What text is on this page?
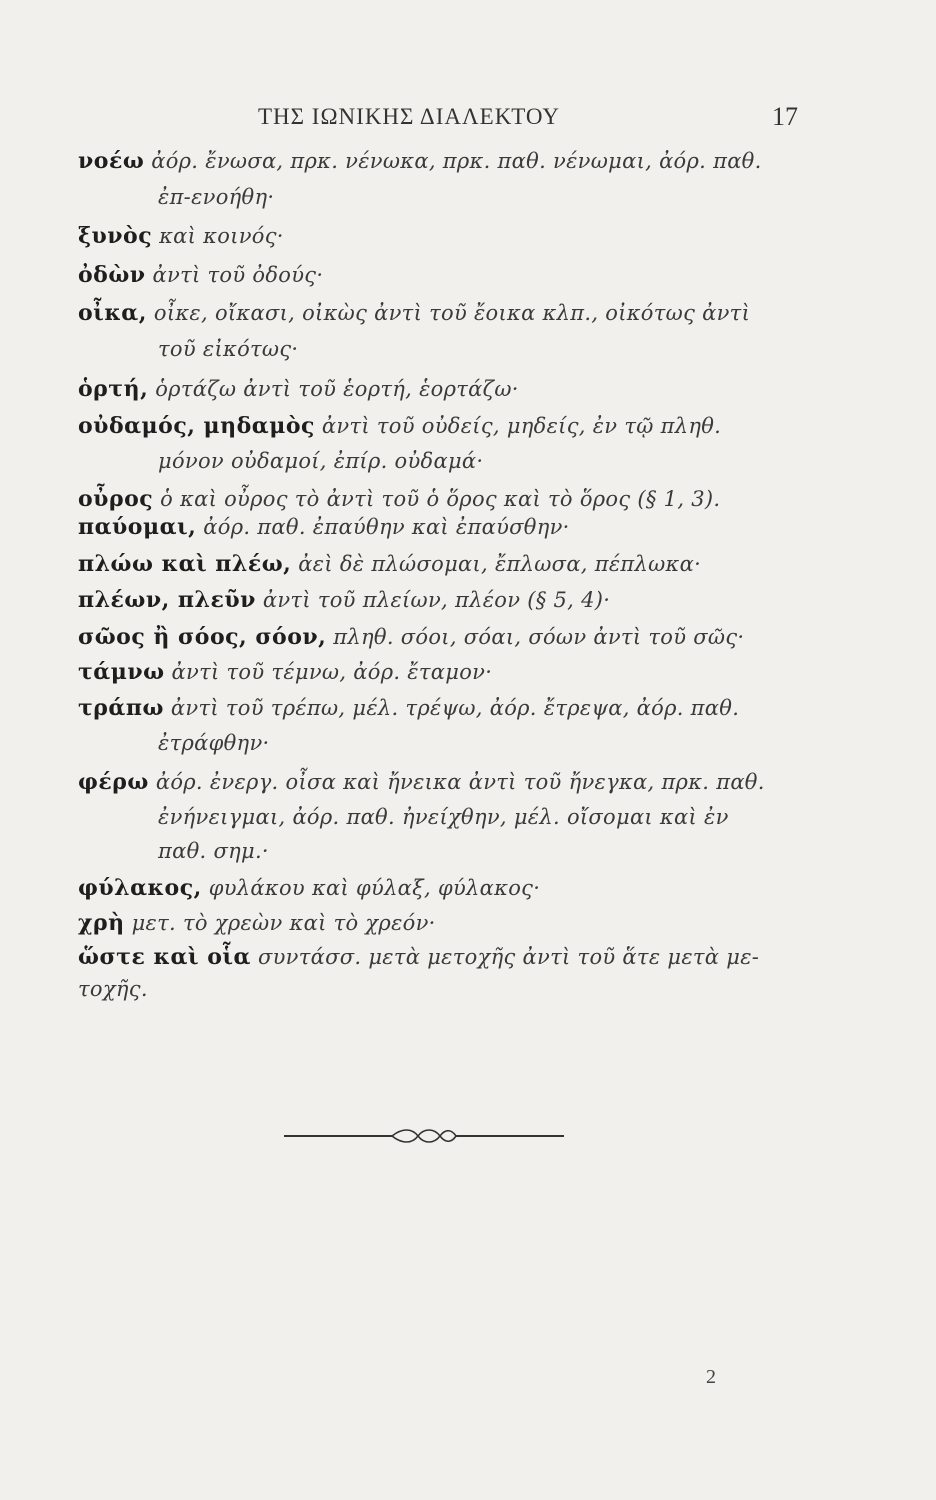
ΤΗΣ ΙΩΝΙΚΗΣ ΔΙΑΛΕΚΤΟΥ	17
νοέω ἀόρ. ἔνωσα, πρκ. νένωκα, πρκ. παθ. νένωμαι, ἀόρ. παθ.
ἐπ-ενοήθη·
ξυνὸς καὶ κοινός·
ὀδὼν ἀντὶ τοῦ ὀδούς·
οἶκα, οἶκε, οἴκασι, οἰκὼς ἀντὶ τοῦ ἔοικα κλπ., οἰκότως ἀντὶ
τοῦ εἰκότως·
ὁρτή, ὁρτάζω ἀντὶ τοῦ ἑορτή, ἑορτάζω·
οὐδαμός, μηδαμὸς ἀντὶ τοῦ οὐδείς, μηδείς, ἐν τῷ πληθ.
μόνον οὐδαμοί, ἐπίρ. οὐδαμά·
οὖρος ὁ καὶ οὖρος τὸ ἀντὶ τοῦ ὁ ὅρος καὶ τὸ ὅρος (§ 1, 3).
παύομαι, ἀόρ. παθ. ἐπαύθην καὶ ἐπαύσθην·
πλώω καὶ πλέω, ἀεὶ δὲ πλώσομαι, ἔπλωσα, πέπλωκα·
πλέων, πλεῦν ἀντὶ τοῦ πλείων, πλέον (§ 5, 4)·
σῶος ἢ σόος, σόον, πληθ. σόοι, σόαι, σόων ἀντὶ τοῦ σῶς·
τάμνω ἀντὶ τοῦ τέμνω, ἀόρ. ἔταμον·
τράπω ἀντὶ τοῦ τρέπω, μέλ. τρέψω, ἀόρ. ἔτρεψα, ἀόρ. παθ.
ἐτράφθην·
φέρω ἀόρ. ἐνεργ. οἶσα καὶ ἤνεικα ἀντὶ τοῦ ἤνεγκα, πρκ. παθ.
ἐνήνειγμαι, ἀόρ. παθ. ἠνείχθην, μέλ. οἴσομαι καὶ ἐν
παθ. σημ.·
φύλακος, φυλάκου καὶ φύλαξ, φύλακος·
χρὴ μετ. τὸ χρεὼν καὶ τὸ χρεόν·
ὥστε καὶ οἷα συντάσσ. μετὰ μετοχῆς ἀντὶ τοῦ ἅτε μετὰ με-
τοχῆς.
2
